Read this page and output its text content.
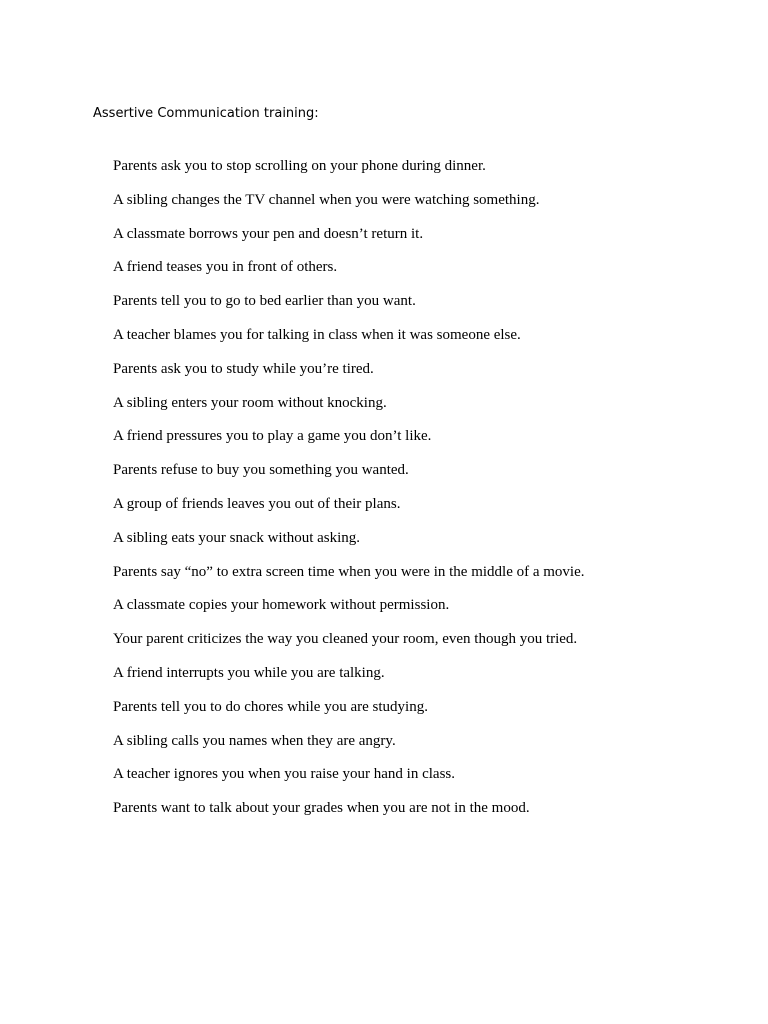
Assertive Communication training:
Parents ask you to stop scrolling on your phone during dinner.
A sibling changes the TV channel when you were watching something.
A classmate borrows your pen and doesn’t return it.
A friend teases you in front of others.
Parents tell you to go to bed earlier than you want.
A teacher blames you for talking in class when it was someone else.
Parents ask you to study while you’re tired.
A sibling enters your room without knocking.
A friend pressures you to play a game you don’t like.
Parents refuse to buy you something you wanted.
A group of friends leaves you out of their plans.
A sibling eats your snack without asking.
Parents say “no” to extra screen time when you were in the middle of a movie.
A classmate copies your homework without permission.
Your parent criticizes the way you cleaned your room, even though you tried.
A friend interrupts you while you are talking.
Parents tell you to do chores while you are studying.
A sibling calls you names when they are angry.
A teacher ignores you when you raise your hand in class.
Parents want to talk about your grades when you are not in the mood.
